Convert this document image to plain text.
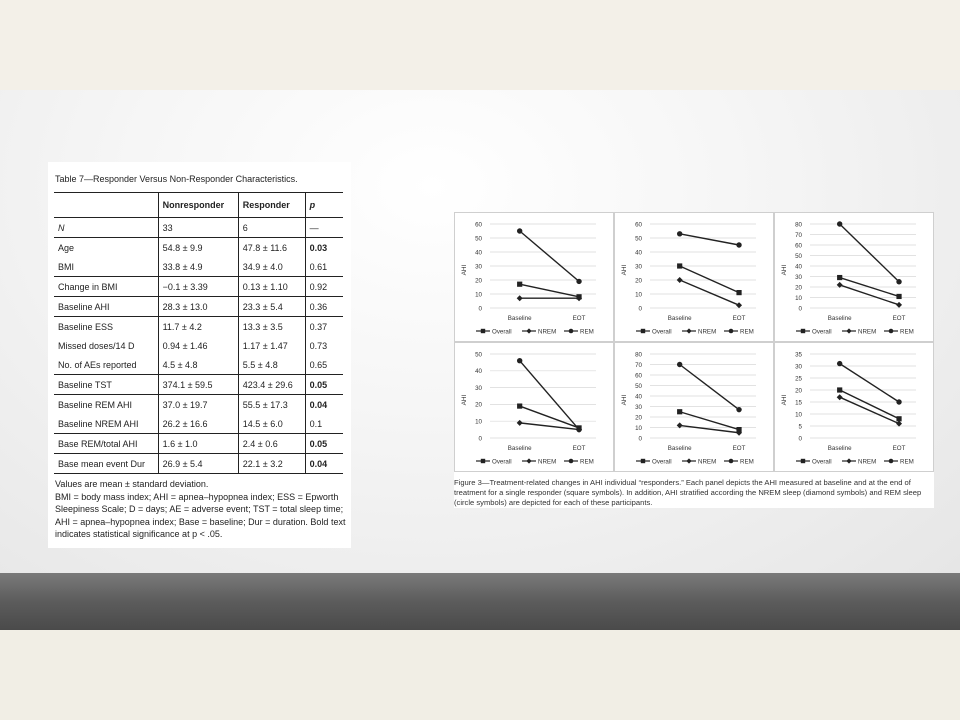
Table 7—Responder Versus Non-Responder Characteristics.
	Nonresponder	Responder	p
N	33	6	—
Age	54.8 ± 9.9	47.8 ± 11.6	0.03
BMI	33.8 ± 4.9	34.9 ± 4.0	0.61
Change in BMI	−0.1 ± 3.39	0.13 ± 1.10	0.92
Baseline AHI	28.3 ± 13.0	23.3 ± 5.4	0.36
Baseline ESS	11.7 ± 4.2	13.3 ± 3.5	0.37
Missed doses/14 D	0.94 ± 1.46	1.17 ± 1.47	0.73
No. of AEs reported	4.5 ± 4.8	5.5 ± 4.8	0.65
Baseline TST	374.1 ± 59.5	423.4 ± 29.6	0.05
Baseline REM AHI	37.0 ± 19.7	55.5 ± 17.3	0.04
Baseline NREM AHI	26.2 ± 16.6	14.5 ± 6.0	0.1
Base REM/total AHI	1.6 ± 1.0	2.4 ± 0.6	0.05
Base mean event Dur	26.9 ± 5.4	22.1 ± 3.2	0.04
Values are mean ± standard deviation.
BMI = body mass index; AHI = apnea–hypopnea index; ESS = Epworth Sleepiness Scale; D = days; AE = adverse event; TST = total sleep time; AHI = apnea–hypopnea index; Base = baseline; Dur = duration. Bold text indicates statistical significance at p < .05.
0
10
20
30
40
50
60
AHI
Baseline	EOT
Overall	NREM	REM
0
10
20
30
40
50
60
AHI
Baseline	EOT
Overall	NREM	REM
0
10
20
30
40
50
60
70
80
AHI
Baseline	EOT
Overall	NREM	REM
0
10
20
30
40
50
AHI
Baseline	EOT
Overall	NREM	REM
0
10
20
30
40
50
60
70
80
AHI
Baseline	EOT
Overall	NREM	REM
0
5
10
15
20
25
30
35
AHI
Baseline	EOT
Overall	NREM	REM
Figure 3—Treatment-related changes in AHI individual “responders.” Each panel depicts the AHI measured at baseline and at the end of treatment for a single responder (square symbols). In addition, AHI stratified according the NREM sleep (diamond symbols) and REM sleep (circle symbols) are depicted for each of these participants.
